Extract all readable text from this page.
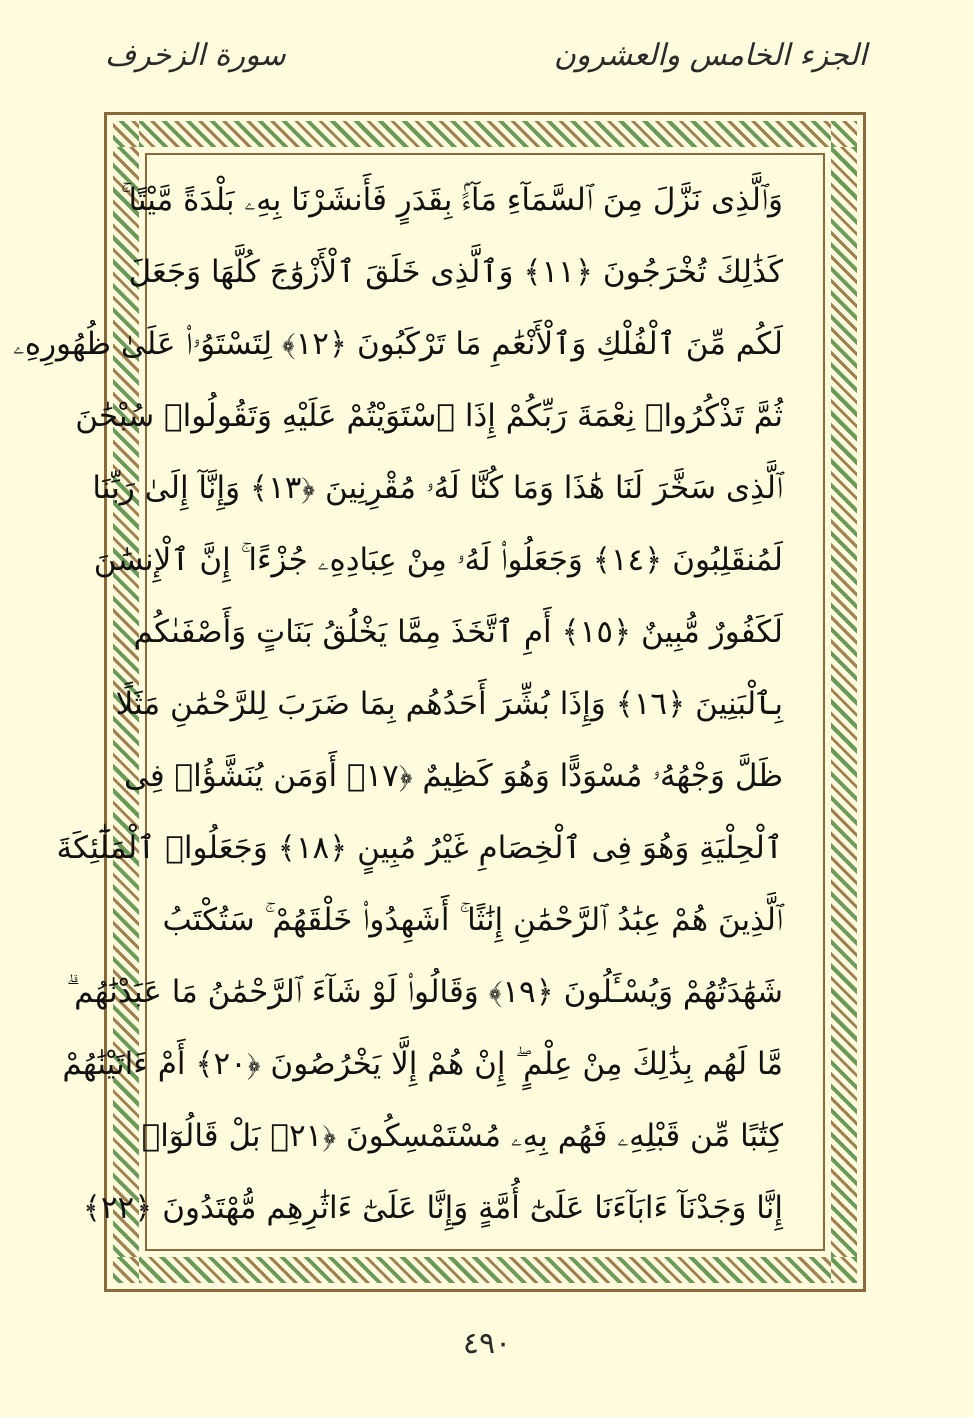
الجزء الخامس والعشرون
سورة الزخرف
وَٱلَّذِى نَزَّلَ مِنَ ٱلسَّمَآءِ مَآءًۢ بِقَدَرٍ فَأَنشَرْنَا بِهِۦ بَلْدَةً مَّيْتًا ۚ
كَذَٰلِكَ تُخْرَجُونَ ﴿١١﴾ وَٱلَّذِى خَلَقَ ٱلْأَزْوَٰجَ كُلَّهَا وَجَعَلَ
لَكُم مِّنَ ٱلْفُلْكِ وَٱلْأَنْعَٰمِ مَا تَرْكَبُونَ ﴿١٢﴾ لِتَسْتَوُۥا۟ عَلَىٰ ظُهُورِهِۦ
ثُمَّ تَذْكُرُوا۟ نِعْمَةَ رَبِّكُمْ إِذَا ٱسْتَوَيْتُمْ عَلَيْهِ وَتَقُولُوا۟ سُبْحَٰنَ
ٱلَّذِى سَخَّرَ لَنَا هَٰذَا وَمَا كُنَّا لَهُۥ مُقْرِنِينَ ﴿١٣﴾ وَإِنَّآ إِلَىٰ رَبِّنَا
لَمُنقَلِبُونَ ﴿١٤﴾ وَجَعَلُوا۟ لَهُۥ مِنْ عِبَادِهِۦ جُزْءًا ۚ إِنَّ ٱلْإِنسَٰنَ
لَكَفُورٌ مُّبِينٌ ﴿١٥﴾ أَمِ ٱتَّخَذَ مِمَّا يَخْلُقُ بَنَاتٍ وَأَصْفَىٰكُم
بِٱلْبَنِينَ ﴿١٦﴾ وَإِذَا بُشِّرَ أَحَدُهُم بِمَا ضَرَبَ لِلرَّحْمَٰنِ مَثَلًا
ظَلَّ وَجْهُهُۥ مُسْوَدًّا وَهُوَ كَظِيمٌ ﴿١٧﴾ أَوَمَن يُنَشَّؤُا۟ فِى
ٱلْحِلْيَةِ وَهُوَ فِى ٱلْخِصَامِ غَيْرُ مُبِينٍ ﴿١٨﴾ وَجَعَلُوا۟ ٱلْمَلَٰٓئِكَةَ
ٱلَّذِينَ هُمْ عِبَٰدُ ٱلرَّحْمَٰنِ إِنَٰثًا ۚ أَشَهِدُوا۟ خَلْقَهُمْ ۚ سَتُكْتَبُ
شَهَٰدَتُهُمْ وَيُسْـَٔلُونَ ﴿١٩﴾ وَقَالُوا۟ لَوْ شَآءَ ٱلرَّحْمَٰنُ مَا عَبَدْنَٰهُم ۗ
مَّا لَهُم بِذَٰلِكَ مِنْ عِلْمٍ ۖ إِنْ هُمْ إِلَّا يَخْرُصُونَ ﴿٢٠﴾ أَمْ ءَاتَيْنَٰهُمْ
كِتَٰبًا مِّن قَبْلِهِۦ فَهُم بِهِۦ مُسْتَمْسِكُونَ ﴿٢١﴾ بَلْ قَالُوٓا۟
إِنَّا وَجَدْنَآ ءَابَآءَنَا عَلَىٰٓ أُمَّةٍ وَإِنَّا عَلَىٰٓ ءَاثَٰرِهِم مُّهْتَدُونَ ﴿٢٢﴾
٤٩٠
